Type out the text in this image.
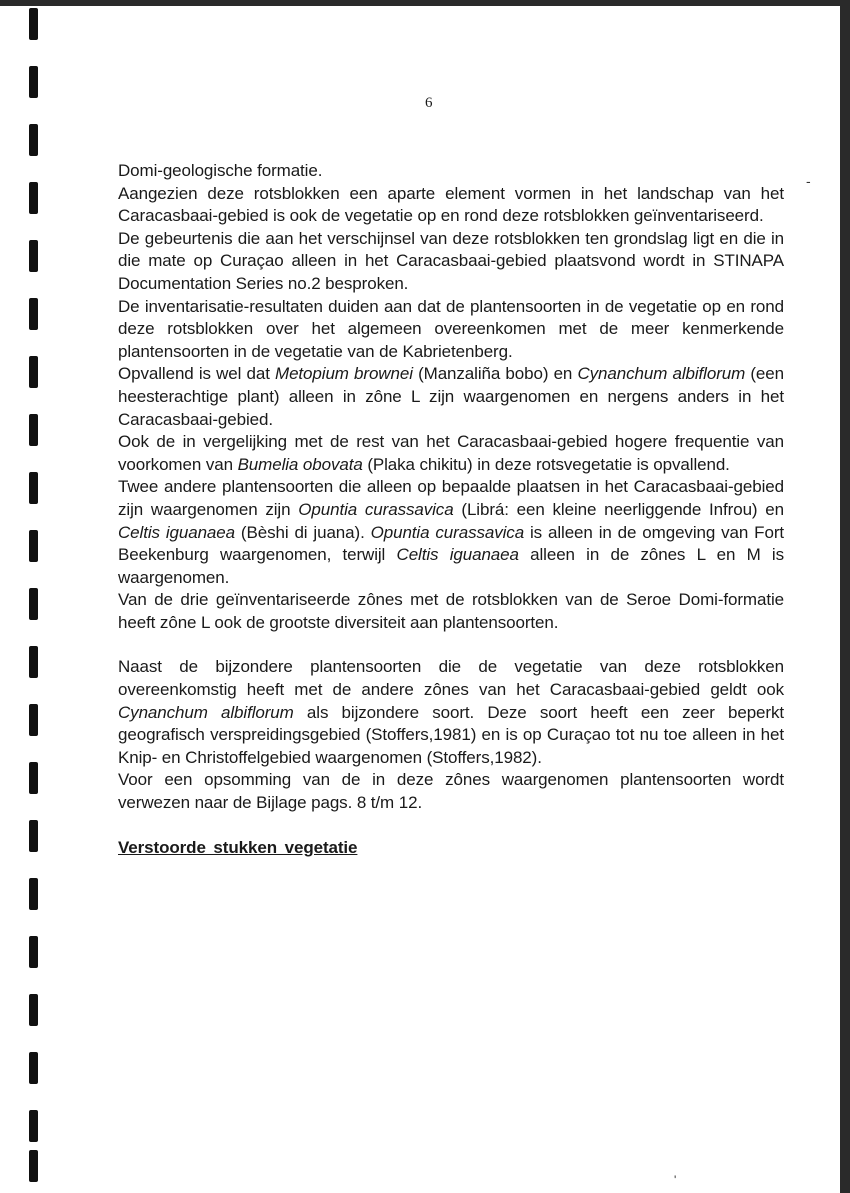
6
-

Domi-geologische formatie.

Aangezien deze rotsblokken een aparte element vormen in het landschap van het Caracasbaai-gebied is ook de vegetatie op en rond deze rotsblokken geïnventariseerd.

De gebeurtenis die aan het verschijnsel van deze rotsblokken ten grondslag ligt en die in die mate op Curaçao alleen in het Caracasbaai-gebied plaatsvond wordt in STINAPA Documentation Series no.2 besproken.

De inventarisatie-resultaten duiden aan dat de plantensoorten in de vegetatie op en rond deze rotsblokken over het algemeen overeenkomen met de meer kenmerkende plantensoorten in de vegetatie van de Kabrietenberg.

Opvallend is wel dat Metopium brownei (Manzaliña bobo) en Cynanchum albiflorum (een heesterachtige plant) alleen in zône L zijn waargenomen en nergens anders in het Caracasbaai-gebied.

Ook de in vergelijking met de rest van het Caracasbaai-gebied hogere frequentie van voorkomen van Bumelia obovata (Plaka chikitu) in deze rotsvegetatie is opvallend.

Twee andere plantensoorten die alleen op bepaalde plaatsen in het Caracasbaai-gebied zijn waargenomen zijn Opuntia curassavica (Librá: een kleine neerliggende Infrou) en Celtis iguanaea (Bèshi di juana). Opuntia curassavica is alleen in de omgeving van Fort Beekenburg waargenomen, terwijl Celtis iguanaea alleen in de zônes L en M is waargenomen.

Van de drie geïnventariseerde zônes met de rotsblokken van de Seroe Domi-formatie heeft zône L ook de grootste diversiteit aan plantensoorten.

Naast de bijzondere plantensoorten die de vegetatie van deze rotsblokken overeenkomstig heeft met de andere zônes van het Caracasbaai-gebied geldt ook Cynanchum albiflorum als bijzondere soort. Deze soort heeft een zeer beperkt geografisch verspreidingsgebied (Stoffers,1981) en is op Curaçao tot nu toe alleen in het Knip- en Christoffelgebied waargenomen (Stoffers,1982).

Voor een opsomming van de in deze zônes waargenomen plantensoorten wordt verwezen naar de Bijlage pags. 8 t/m 12.

Verstoorde stukken vegetatie

'
